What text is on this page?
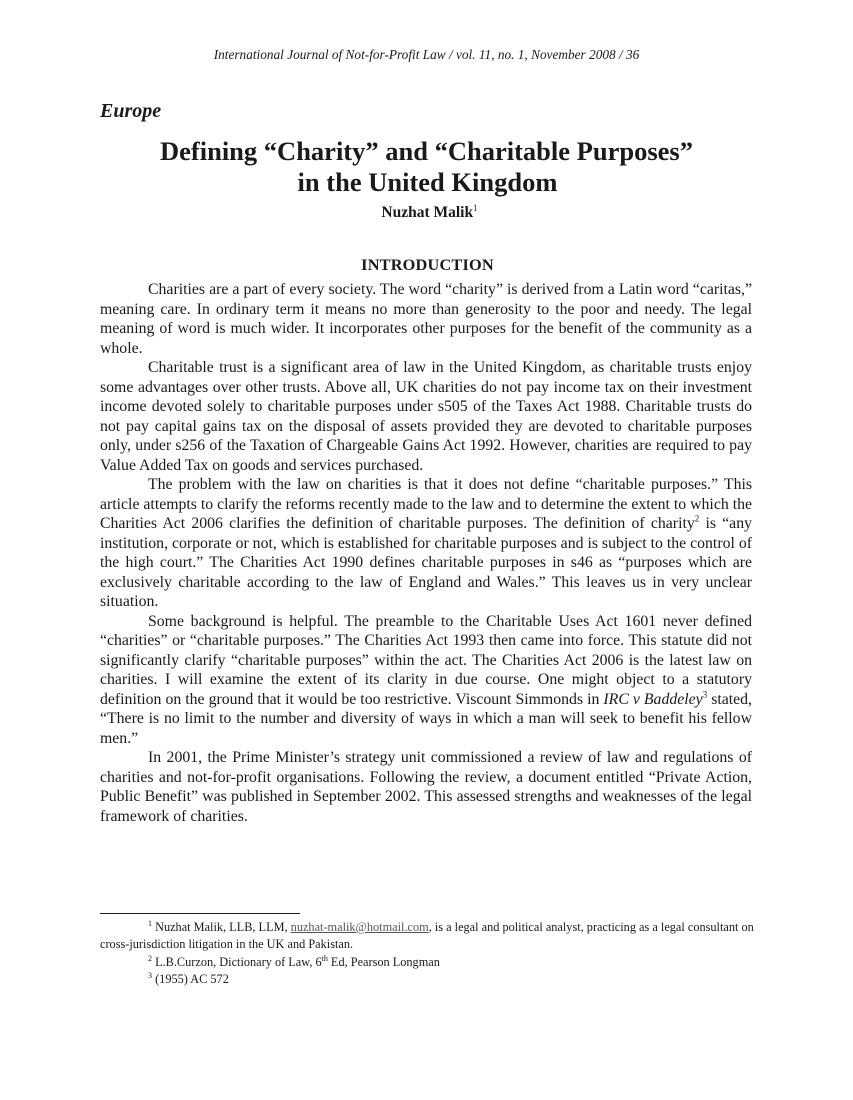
International Journal of Not-for-Profit Law / vol. 11, no. 1, November 2008 / 36
Europe
Defining “Charity” and “Charitable Purposes”
in the United Kingdom
Nuzhat Malik$^1$
INTRODUCTION

Charities are a part of every society. The word “charity” is derived from a Latin word “caritas,” meaning care. In ordinary term it means no more than generosity to the poor and needy. The legal meaning of word is much wider. It incorporates other purposes for the benefit of the community as a whole.

Charitable trust is a significant area of law in the United Kingdom, as charitable trusts enjoy some advantages over other trusts. Above all, UK charities do not pay income tax on their investment income devoted solely to charitable purposes under s505 of the Taxes Act 1988. Charitable trusts do not pay capital gains tax on the disposal of assets provided they are devoted to charitable purposes only, under s256 of the Taxation of Chargeable Gains Act 1992. However, charities are required to pay Value Added Tax on goods and services purchased.

The problem with the law on charities is that it does not define “charitable purposes.” This article attempts to clarify the reforms recently made to the law and to determine the extent to which the Charities Act 2006 clarifies the definition of charitable purposes. The definition of charity$^2$ is “any institution, corporate or not, which is established for charitable purposes and is subject to the control of the high court.” The Charities Act 1990 defines charitable purposes in s46 as “purposes which are exclusively charitable according to the law of England and Wales.” This leaves us in very unclear situation.

Some background is helpful. The preamble to the Charitable Uses Act 1601 never defined “charities” or “charitable purposes.” The Charities Act 1993 then came into force. This statute did not significantly clarify “charitable purposes” within the act. The Charities Act 2006 is the latest law on charities. I will examine the extent of its clarity in due course. One might object to a statutory definition on the ground that it would be too restrictive. Viscount Simmonds in IRC v Baddeley$^3$ stated, “There is no limit to the number and diversity of ways in which a man will seek to benefit his fellow men.”

In 2001, the Prime Minister’s strategy unit commissioned a review of law and regulations of charities and not-for-profit organisations. Following the review, a document entitled “Private Action, Public Benefit” was published in September 2002. This assessed strengths and weaknesses of the legal framework of charities.

$^1$ Nuzhat Malik, LLB, LLM, nuzhat-malik@hotmail.com, is a legal and political analyst, practicing as a legal consultant on cross-jurisdiction litigation in the UK and Pakistan.

$^2$ L.B.Curzon, Dictionary of Law, 6th Ed, Pearson Longman

$^3$ (1955) AC 572
